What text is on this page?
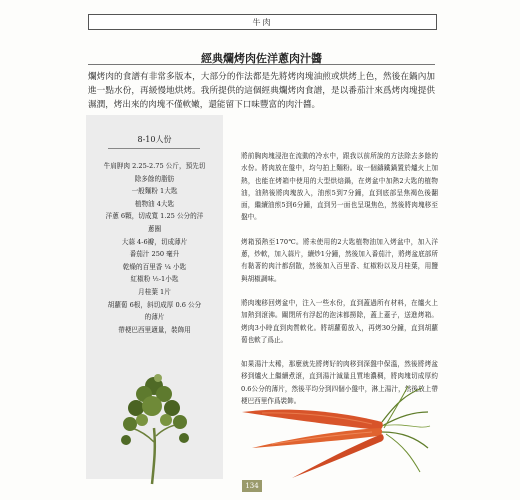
牛肉
經典爛烤肉佐洋蔥肉汁醬
爛烤肉的食譜有非常多版本，大部分的作法都是先將烤肉塊油煎或烘烤上色，然後在鍋內加進一點水份，再緩慢地烘烤。我所提供的這個經典爛烤肉食譜，是以番茄汁來爲烤肉塊提供濕潤，烤出來的肉塊不僅軟嫩，還能留下口味豐富的肉汁醬。
8-10人份
牛肩胛肉 2.25-2.75 公斤，預先切
除多餘的脂肪
一般麵粉 1大匙
植物油 4大匙
洋蔥 6顆，切成寬 1.25 公分的洋
蔥圈
大蒜 4-6瓣，切成薄片
番茄汁 250 毫升
乾燥的百里香 ¼ 小匙
紅椒粉 ½-1小匙
月桂葉 1片
胡蘿蔔 6根，斜切成厚 0.6 公分
的薄片
帶梗巴西里適量，裝飾用

將前胸肉塊浸泡在流動的冷水中，跟我以前所說的方法除去多餘的水份。將肉放在盤中，均勻拍上麵粉。取一個鑄鐵鍋置於爐火上加熱，也能在烤箱中使用的大型烘焙鍋，在烤盆中加熱2大匙的植物油，油熱後將肉塊放入，油煎5到7分鐘，直到底部呈焦褐色後翻面，繼續油煎5到6分鐘，直到另一面也呈現焦色，然後將肉塊移至盤中。

烤箱預熱至170℃。將未使用的2大匙植物油加入烤盆中，加入洋蔥，炒軟，加入蒜片，續炒1分鐘，然後加入番茄汁，將烤盆底部所有黏著的肉汁都刮散，然後加入百里香、紅椒粉以及月桂葉，用鹽與胡椒調味。

將肉塊移回烤盆中，注入一些水份，直到蓋過所有材料，在爐火上加熱到滾沸。關閉所有浮起的泡沫都撈除，蓋上蓋子，送進烤箱。烤肉3小時直到肉質軟化。將胡蘿蔔放入，再烤30分鐘，直到胡蘿蔔也軟了爲止。

如果湯汁太稀，那麼就先將烤好的肉移到深盤中保溫，然後將烤盆移到爐火上繼續煮滾，直到湯汁減量且質地濃稠，將肉塊切成厚約0.6公分的薄片，然後平均分到四個小盤中，淋上湯汁，然後放上帶梗巴西里作爲裝飾。

134
